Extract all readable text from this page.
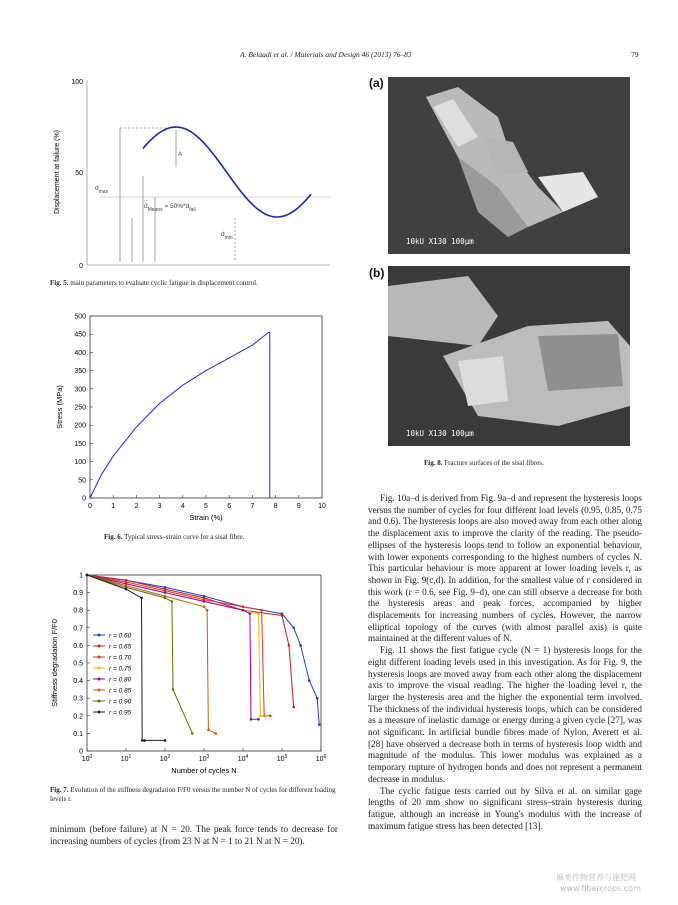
A. Belaadi et al. / Materials and Design 46 (2013) 76–83	79
Displacement at failure (%)
100
50
0
$d_{max}$
$d_{Means} = 50\%*d_{fail}$
$d_{min}$
A
Fig. 5. main parameters to evaluate cyclic fatigue in displacement control.
0	1	2	3	4	5	6	7	8	9 10
0
50
100
150
200
250
300
350
400
450
500
Strain (%)
Stress (MPa)
Fig. 6. Typical stress–strain curve for a sisal fibre.
$10^0$	$10^1$	$10^2$	$10^3$	$10^4$	$10^5$	$10^6$
0
0.1
0.2
0.3
0.4
0.5
0.6
0.7
0.8
0.9
1
Number of cycles N
Stiffness degradation F/F0	r = 0.60
r = 0.65
r = 0.70
r = 0.75
r = 0.80
r = 0.85
r = 0.90
r = 0.95
Fig. 7. Evolution of the stiffness degradation F/F0 versus the number N of cycles for different loading levels r.

minimum (before failure) at N = 20. The peak force tends to decrease for increasing numbers of cycles (from 23 N at N = 1 to 21 N at N = 20).

(a)
10kU X130 100μm
(b)
10kU X130 100μm
Fig. 8. Fracture surfaces of the sisal fibres.

Fig. 10a–d is derived from Fig. 9a–d and represent the hysteresis loops versus the number of cycles for four different load levels (0.95, 0.85, 0.75 and 0.6). The hysteresis loops are also moved away from each other along the displacement axis to improve the clarity of the reading. The pseudo-ellipses of the hysteresis loops tend to follow an exponential behaviour, with lower exponents corresponding to the highest numbers of cycles N. This particular behaviour is more apparent at lower loading levels r, as shown in Fig. 9(c,d). In addition, for the smallest value of r considered in this work (r = 0.6, see Fig. 9–d), one can still observe a decrease for both the hysteresis areas and peak forces, accompanied by higher displacements for increasing numbers of cycles. However, the narrow elliptical topology of the curves (with almost parallel axis) is quite maintained at the different values of N.

Fig. 11 shows the first fatigue cycle (N = 1) hysteresis loops for the eight different loading levels used in this investigation. As for Fig. 9, the hysteresis loops are moved away from each other along the displacement axis to improve the visual reading. The higher the loading level r, the larger the hysteresis area and the higher the exponential term involved. The thickness of the individual hysteresis loops, which can be considered as a measure of inelastic damage or energy during a given cycle [27], was not significant. In artificial bundle fibres made of Nylon, Averett et al. [28] have observed a decrease both in terms of hysteresis loop width and magnitude of the modulus. This lower modulus was explained as a temporary rupture of hydrogen bonds and does not represent a permanent decrease in modulus.

The cyclic fatigue tests carried out by Silva et al. on similar gage lengths of 20 mm show no significant stress–strain hysteresis during fatigue, although an increase in Young's modulus with the increase of maximum fatigue stress has been detected [13].

麻类作物营养与施肥网
www.fibercrops.com
